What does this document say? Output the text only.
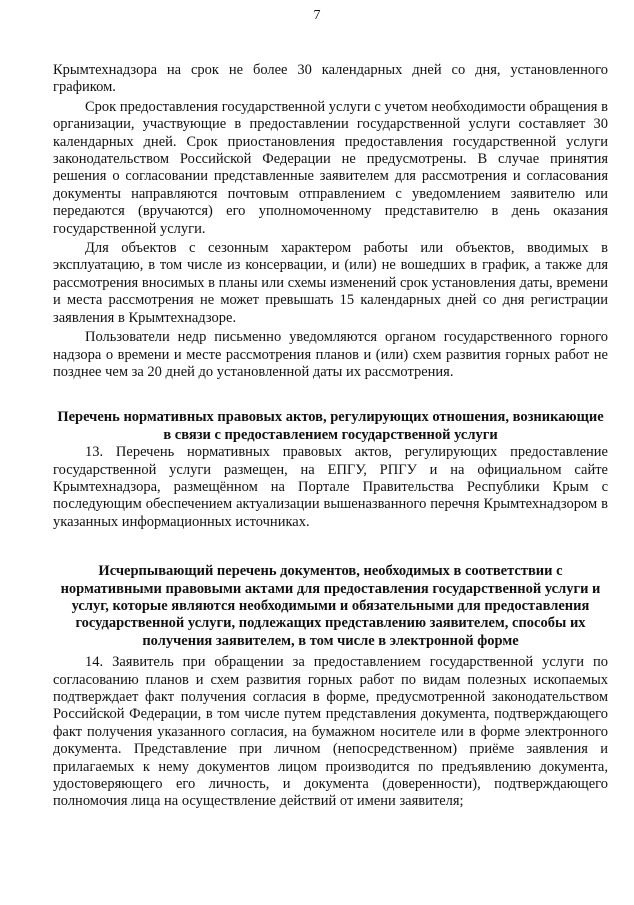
7

Крымтехнадзора на срок не более 30 календарных дней со дня, установленного графиком.

Срок предоставления государственной услуги с учетом необходимости обращения в организации, участвующие в предоставлении государственной услуги составляет 30 календарных дней. Срок приостановления предоставления государственной услуги законодательством Российской Федерации не предусмотрены. В случае принятия решения о согласовании представленные заявителем для рассмотрения и согласования документы направляются почтовым отправлением с уведомлением заявителю или передаются (вручаются) его уполномоченному представителю в день оказания государственной услуги.

Для объектов с сезонным характером работы или объектов, вводимых в эксплуатацию, в том числе из консервации, и (или) не вошедших в график, а также для рассмотрения вносимых в планы или схемы изменений срок установления даты, времени и места рассмотрения не может превышать 15 календарных дней со дня регистрации заявления в Крымтехнадзоре.

Пользователи недр письменно уведомляются органом государственного горного надзора о времени и месте рассмотрения планов и (или) схем развития горных работ не позднее чем за 20 дней до установленной даты их рассмотрения.

Перечень нормативных правовых актов, регулирующих отношения, возникающие в связи с предоставлением государственной услуги

13. Перечень нормативных правовых актов, регулирующих предоставление государственной услуги размещен, на ЕПГУ, РПГУ и на официальном сайте Крымтехнадзора, размещённом на Портале Правительства Республики Крым с последующим обеспечением актуализации вышеназванного перечня Крымтехнадзором в указанных информационных источниках.

Исчерпывающий перечень документов, необходимых в соответствии с нормативными правовыми актами для предоставления государственной услуги и услуг, которые являются необходимыми и обязательными для предоставления государственной услуги, подлежащих представлению заявителем, способы их получения заявителем, в том числе в электронной форме

14. Заявитель при обращении за предоставлением государственной услуги по согласованию планов и схем развития горных работ по видам полезных ископаемых подтверждает факт получения согласия в форме, предусмотренной законодательством Российской Федерации, в том числе путем представления документа, подтверждающего факт получения указанного согласия, на бумажном носителе или в форме электронного документа. Представление при личном (непосредственном) приёме заявления и прилагаемых к нему документов лицом производится по предъявлению документа, удостоверяющего его личность, и документа (доверенности), подтверждающего полномочия лица на осуществление действий от имени заявителя;
